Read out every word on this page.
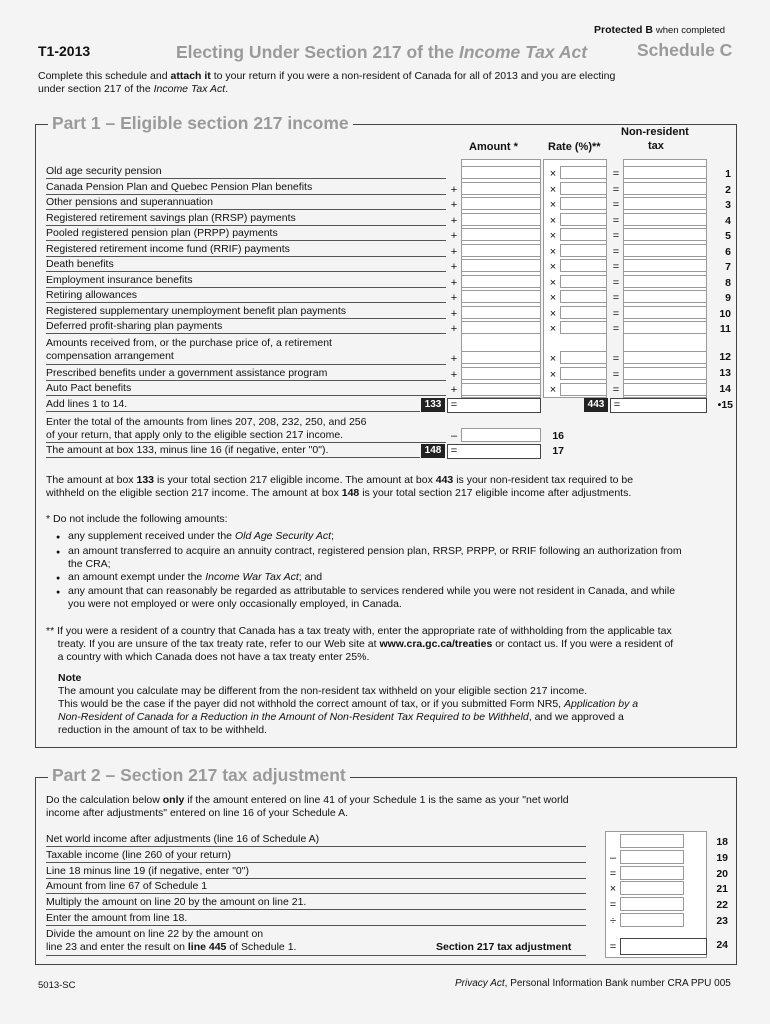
Protected B when completed
T1-2013	Electing Under Section 217 of the Income Tax Act	Schedule C
Complete this schedule and attach it to your return if you were a non-resident of Canada for all of 2013 and you are electing
under section 217 of the Income Tax Act.
Part 1 – Eligible section 217 income
Amount *	Rate (%)**
Non-resident
tax
Old age security pension	×	=	1
Canada Pension Plan and Quebec Pension Plan benefits	+	×	=	2
Other pensions and superannuation	+	×	=	3
Registered retirement savings plan (RRSP) payments	+	×	=	4
Pooled registered pension plan (PRPP) payments	+	×	=	5
Registered retirement income fund (RRIF) payments	+	×	=	6
Death benefits	+	×	=	7
Employment insurance benefits	+	×	=	8
Retiring allowances	+	×	=	9
Registered supplementary unemployment benefit plan payments	+	×	=	10
Deferred profit-sharing plan payments	+	×	=	11
Amounts received from, or the purchase price of, a retirement
compensation arrangement	+	×	=	12
Prescribed benefits under a government assistance program	+	×	=	13
Auto Pact benefits	+	×	=	14
Add lines 1 to 14.	133 =	443 =	•15
Enter the total of the amounts from lines 207, 208, 232, 250, and 256
of your return, that apply only to the eligible section 217 income.	–	16
The amount at box 133, minus line 16 (if negative, enter "0").	148 =	17
The amount at box 133 is your total section 217 eligible income. The amount at box 443 is your non-resident tax required to be
withheld on the eligible section 217 income. The amount at box 148 is your total section 217 eligible income after adjustments.
* Do not include the following amounts:
● any supplement received under the Old Age Security Act;
● an amount transferred to acquire an annuity contract, registered pension plan, RRSP, PRPP, or RRIF following an authorization from
the CRA;
● an amount exempt under the Income War Tax Act; and
● any amount that can reasonably be regarded as attributable to services rendered while you were not resident in Canada, and while
you were not employed or were only occasionally employed, in Canada.
** If you were a resident of a country that Canada has a tax treaty with, enter the appropriate rate of withholding from the applicable tax
treaty. If you are unsure of the tax treaty rate, refer to our Web site at www.cra.gc.ca/treaties or contact us. If you were a resident of
a country with which Canada does not have a tax treaty enter 25%.
Note
The amount you calculate may be different from the non-resident tax withheld on your eligible section 217 income.
This would be the case if the payer did not withhold the correct amount of tax, or if you submitted Form NR5, Application by a
Non-Resident of Canada for a Reduction in the Amount of Non-Resident Tax Required to be Withheld, and we approved a
reduction in the amount of tax to be withheld.
Part 2 – Section 217 tax adjustment
Do the calculation below only if the amount entered on line 41 of your Schedule 1 is the same as your "net world
income after adjustments" entered on line 16 of your Schedule A.
Net world income after adjustments (line 16 of Schedule A)	18
Taxable income (line 260 of your return)	–	19
Line 18 minus line 19 (if negative, enter "0")	=	20
Amount from line 67 of Schedule 1	×	21
Multiply the amount on line 20 by the amount on line 21.	=	22
Enter the amount from line 18.	÷	23
Divide the amount on line 22 by the amount on
line 23 and enter the result on line 445 of Schedule 1.	Section 217 tax adjustment	=	24
5013-SC	Privacy Act, Personal Information Bank number CRA PPU 005
